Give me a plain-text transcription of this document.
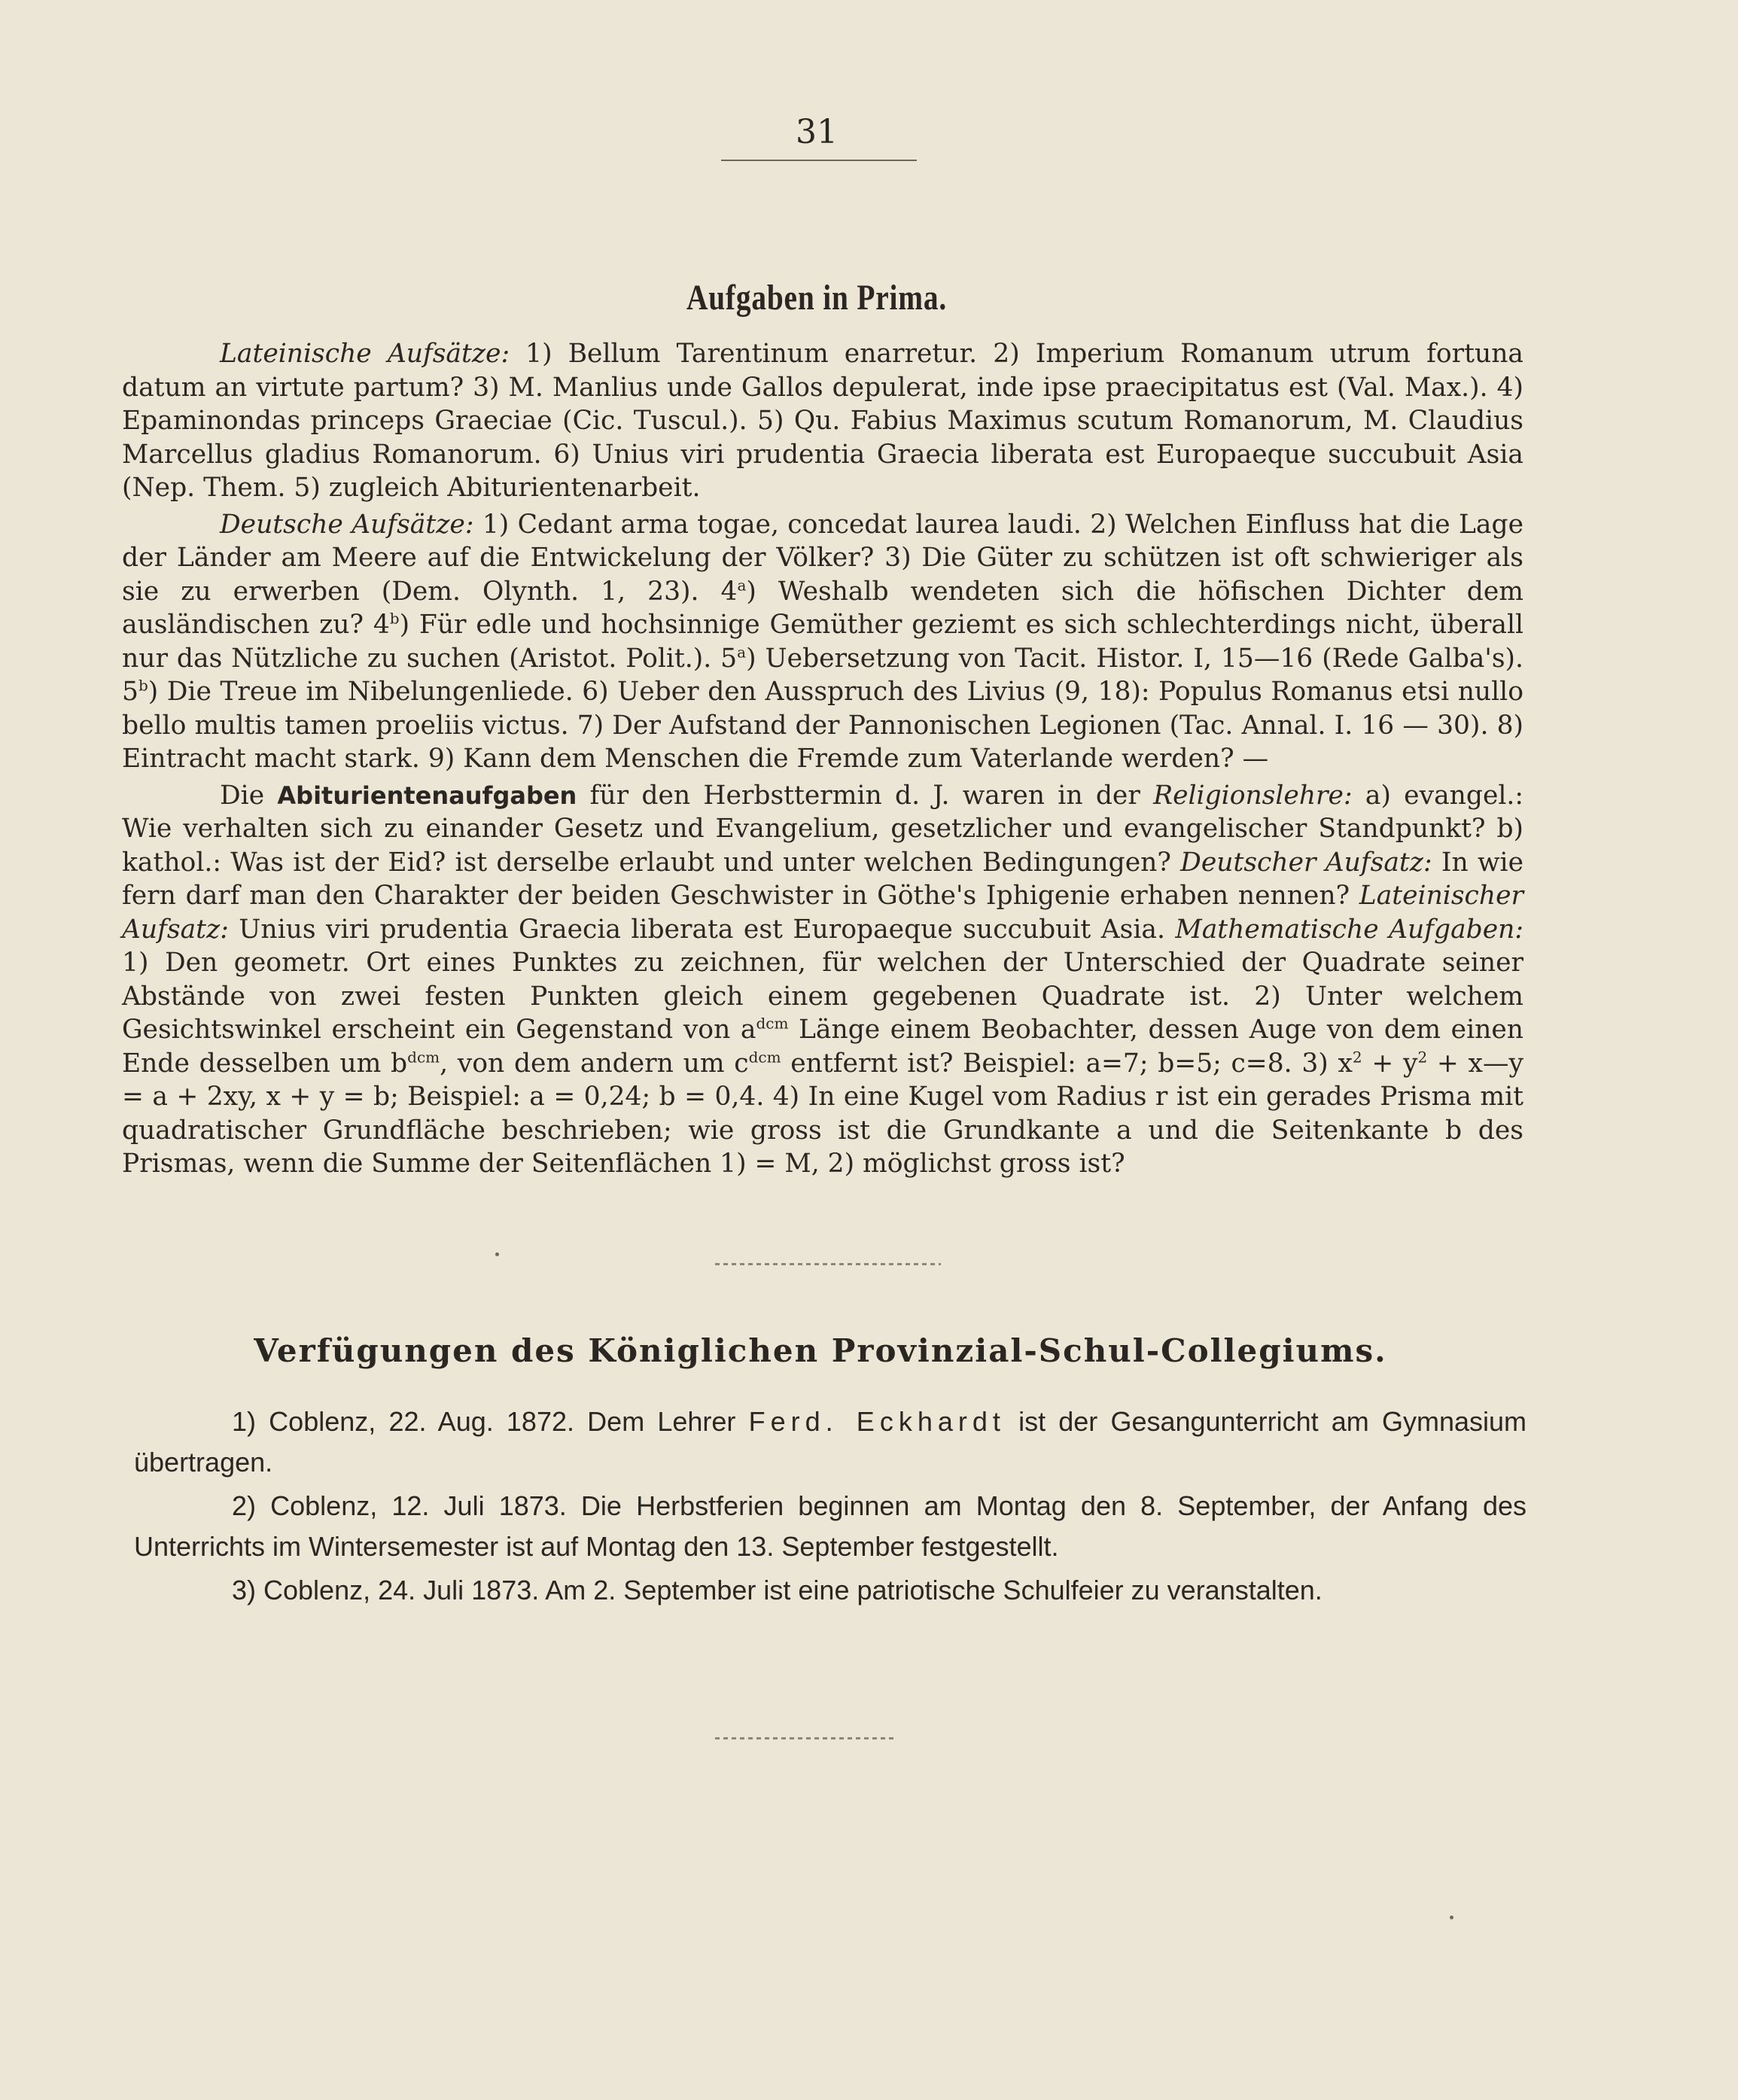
31
Aufgaben in Prima.

Lateinische Aufsätze: 1) Bellum Tarentinum enarretur. 2) Imperium Romanum utrum fortuna datum an virtute partum? 3) M. Manlius unde Gallos depulerat, inde ipse praecipitatus est (Val. Max.). 4) Epaminondas princeps Graeciae (Cic. Tuscul.). 5) Qu. Fabius Maximus scutum Romanorum, M. Claudius Marcellus gladius Romanorum. 6) Unius viri prudentia Graecia liberata est Europaeque succubuit Asia (Nep. Them. 5) zugleich Abiturientenarbeit.

Deutsche Aufsätze: 1) Cedant arma togae, concedat laurea laudi. 2) Welchen Einfluss hat die Lage der Länder am Meere auf die Entwickelung der Völker? 3) Die Güter zu schützen ist oft schwieriger als sie zu erwerben (Dem. Olynth. 1, 23). 4$^a$) Weshalb wendeten sich die höfischen Dichter dem ausländischen zu? 4$^b$) Für edle und hochsinnige Gemüther geziemt es sich schlechterdings nicht, überall nur das Nützliche zu suchen (Aristot. Polit.). 5$^a$) Uebersetzung von Tacit. Histor. I, 15—16 (Rede Galba's). 5$^b$) Die Treue im Nibelungenliede. 6) Ueber den Ausspruch des Livius (9, 18): Populus Romanus etsi nullo bello multis tamen proeliis victus. 7) Der Aufstand der Pannonischen Legionen (Tac. Annal. I. 16 — 30). 8) Eintracht macht stark. 9) Kann dem Menschen die Fremde zum Vaterlande werden? —

Die Abiturientenaufgaben für den Herbsttermin d. J. waren in der Religionslehre: a) evangel.: Wie verhalten sich zu einander Gesetz und Evangelium, gesetzlicher und evangelischer Standpunkt? b) kathol.: Was ist der Eid? ist derselbe erlaubt und unter welchen Bedingungen? Deutscher Aufsatz: In wie fern darf man den Charakter der beiden Geschwister in Göthe's Iphigenie erhaben nennen? Lateinischer Aufsatz: Unius viri prudentia Graecia liberata est Europaeque succubuit Asia. Mathematische Aufgaben: 1) Den geometr. Ort eines Punktes zu zeichnen, für welchen der Unterschied der Quadrate seiner Abstände von zwei festen Punkten gleich einem gegebenen Quadrate ist. 2) Unter welchem Gesichtswinkel erscheint ein Gegenstand von $a^{dcm}$ Länge einem Beobachter, dessen Auge von dem einen Ende desselben um $b^{dcm}$, von dem andern um $c^{dcm}$ entfernt ist? Beispiel: a=7; b=5; c=8. 3) $x^2 + y^2$ + x—y = a + 2xy, x + y = b; Beispiel: a = 0,24; b = 0,4. 4) In eine Kugel vom Radius r ist ein gerades Prisma mit quadratischer Grundfläche beschrieben; wie gross ist die Grundkante a und die Seitenkante b des Prismas, wenn die Summe der Seitenflächen 1) = M, 2) möglichst gross ist?

Verfügungen des Königlichen Provinzial-Schul-Collegiums.

1) Coblenz, 22. Aug. 1872. Dem Lehrer Ferd. Eckhardt ist der Gesangunterricht am Gymnasium übertragen.

2) Coblenz, 12. Juli 1873. Die Herbstferien beginnen am Montag den 8. September, der Anfang des Unterrichts im Wintersemester ist auf Montag den 13. September festgestellt.

3) Coblenz, 24. Juli 1873. Am 2. September ist eine patriotische Schulfeier zu veranstalten.
